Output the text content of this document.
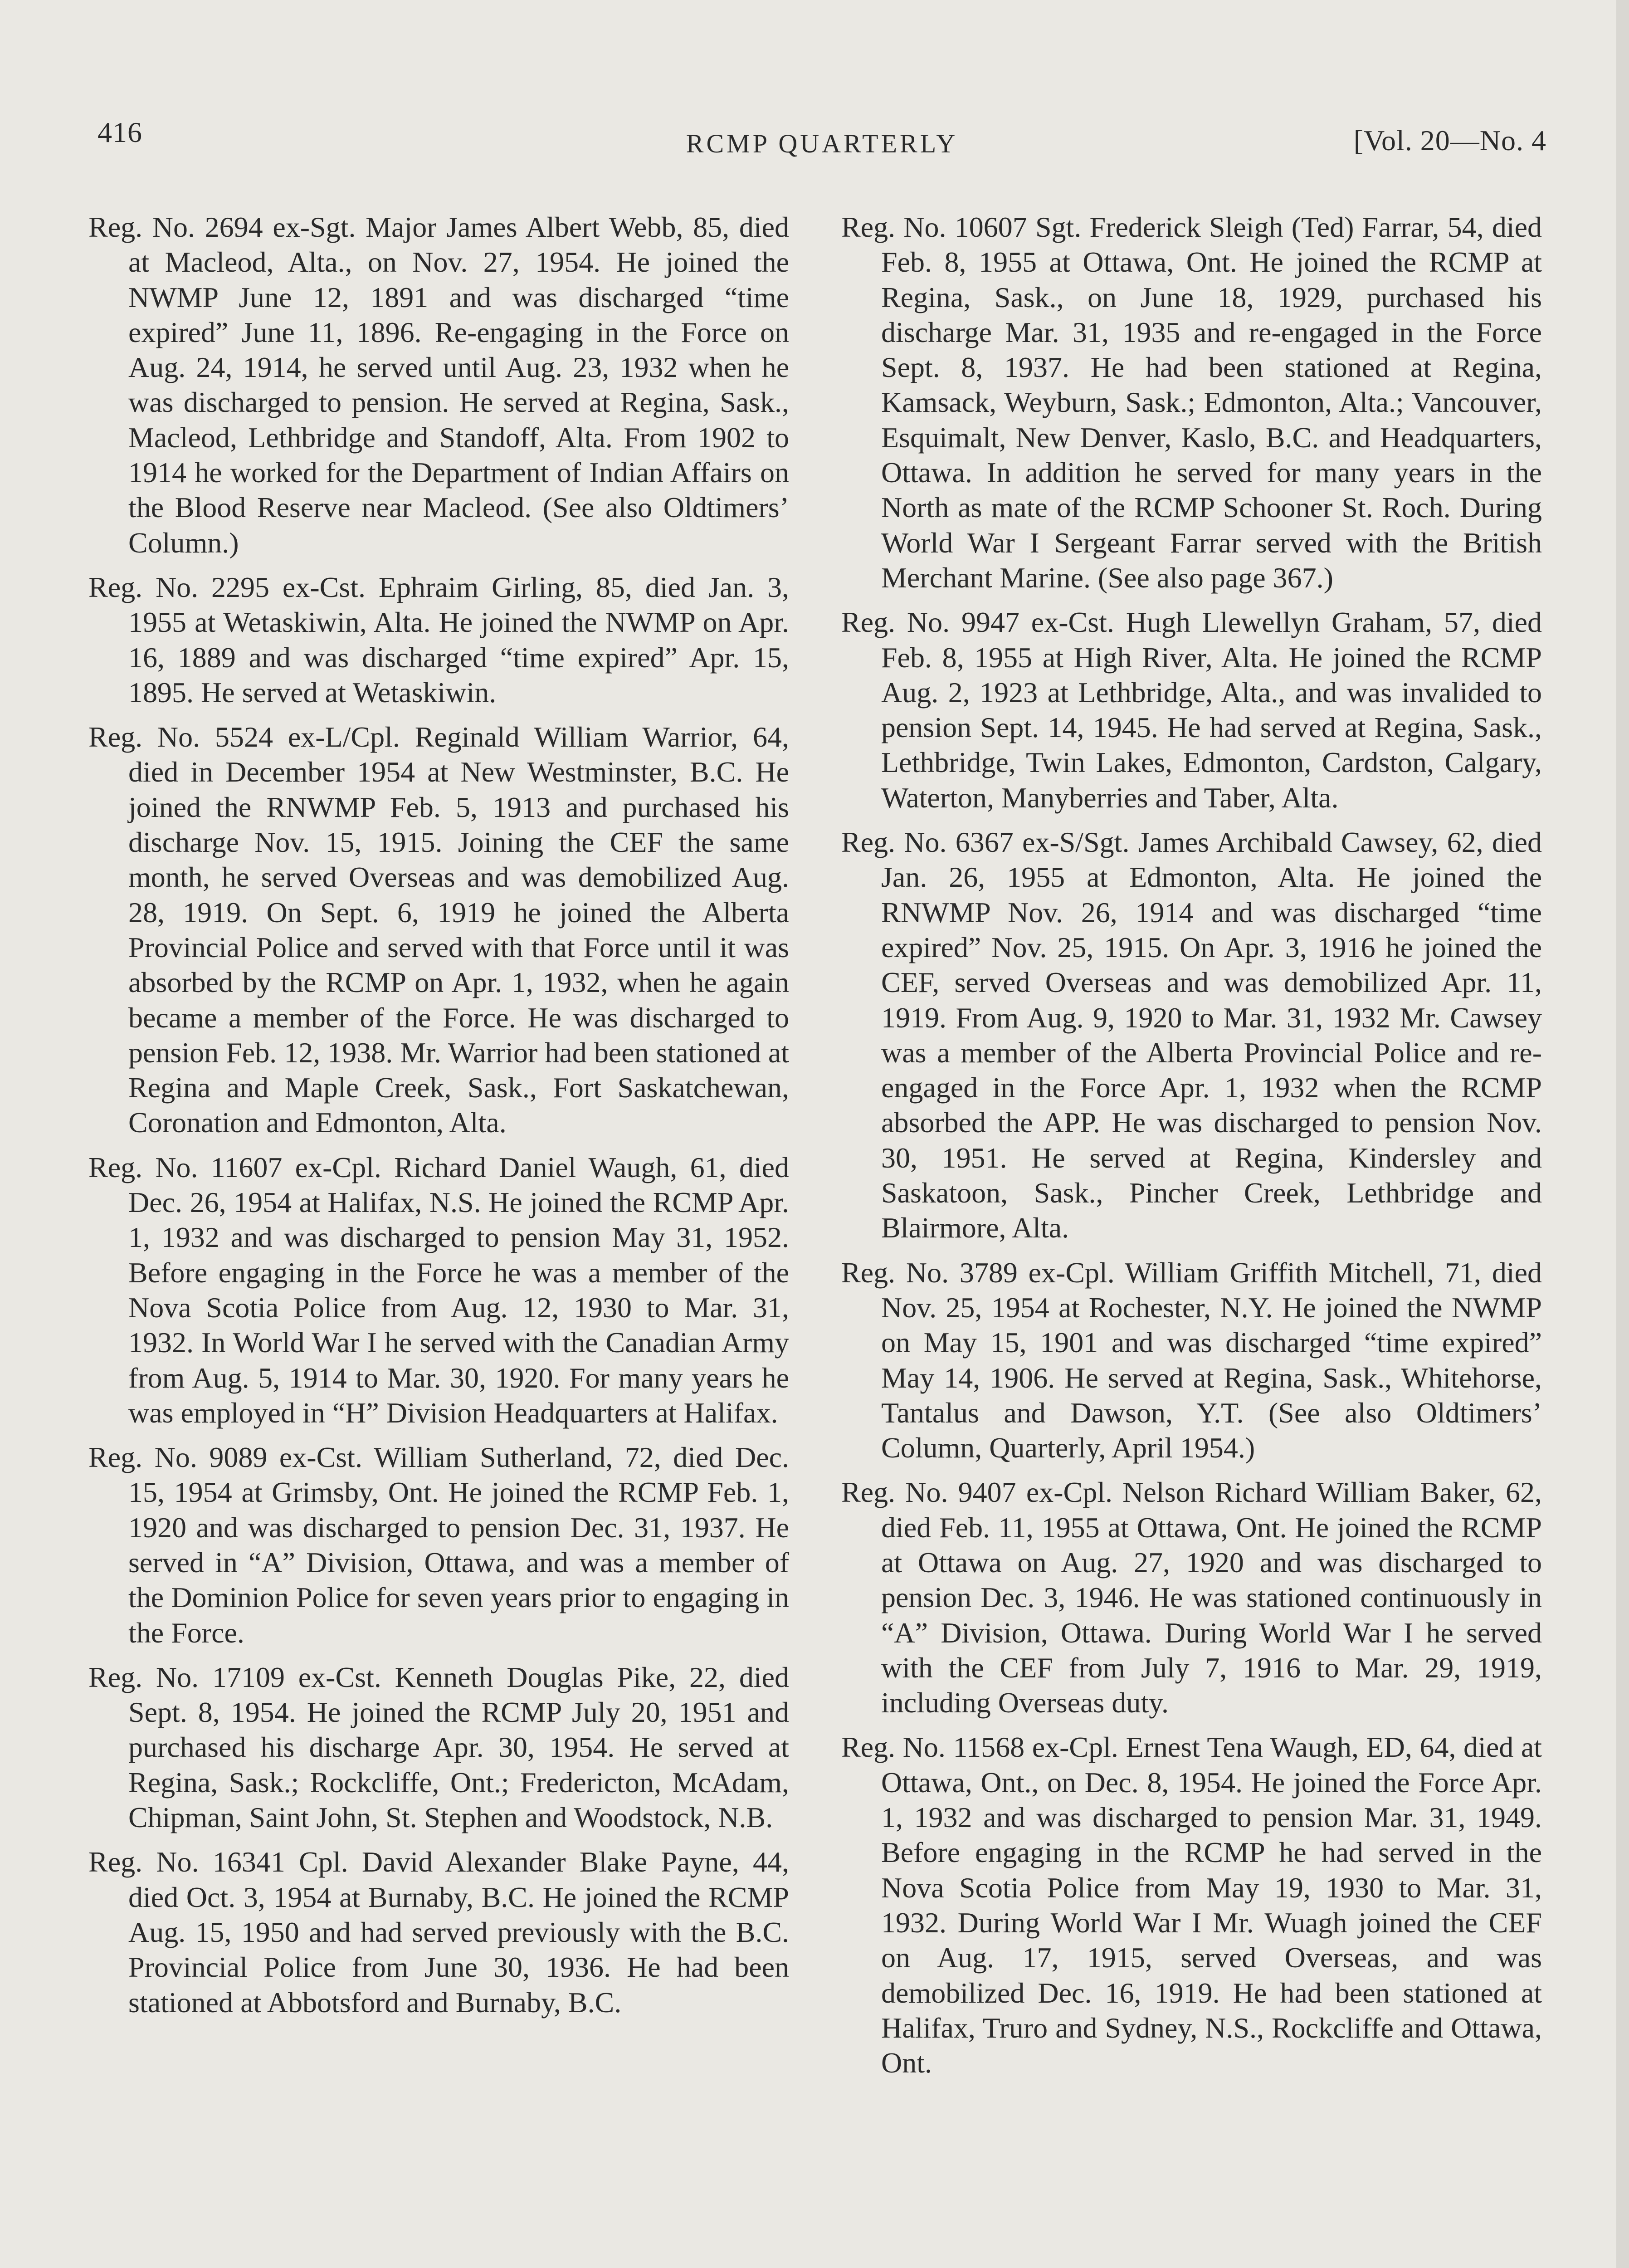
416	RCMP QUARTERLY	[Vol. 20—No. 4

Reg. No. 2694 ex-Sgt. Major James Albert Webb, 85, died at Macleod, Alta., on Nov. 27, 1954. He joined the NWMP June 12, 1891 and was discharged “time expired” June 11, 1896. Re-engaging in the Force on Aug. 24, 1914, he served until Aug. 23, 1932 when he was discharged to pension. He served at Regina, Sask., Macleod, Lethbridge and Standoff, Alta. From 1902 to 1914 he worked for the Department of Indian Affairs on the Blood Reserve near Macleod. (See also Oldtimers’ Column.)

Reg. No. 2295 ex-Cst. Ephraim Girling, 85, died Jan. 3, 1955 at Wetaskiwin, Alta. He joined the NWMP on Apr. 16, 1889 and was discharged “time expired” Apr. 15, 1895. He served at Wetaskiwin.

Reg. No. 5524 ex-L/Cpl. Reginald William Warrior, 64, died in December 1954 at New Westminster, B.C. He joined the RNWMP Feb. 5, 1913 and purchased his discharge Nov. 15, 1915. Joining the CEF the same month, he served Overseas and was demobilized Aug. 28, 1919. On Sept. 6, 1919 he joined the Alberta Provincial Police and served with that Force until it was absorbed by the RCMP on Apr. 1, 1932, when he again became a member of the Force. He was discharged to pension Feb. 12, 1938. Mr. Warrior had been stationed at Regina and Maple Creek, Sask., Fort Saskatchewan, Coronation and Edmonton, Alta.

Reg. No. 11607 ex-Cpl. Richard Daniel Waugh, 61, died Dec. 26, 1954 at Halifax, N.S. He joined the RCMP Apr. 1, 1932 and was discharged to pension May 31, 1952. Before engaging in the Force he was a member of the Nova Scotia Police from Aug. 12, 1930 to Mar. 31, 1932. In World War I he served with the Canadian Army from Aug. 5, 1914 to Mar. 30, 1920. For many years he was employed in “H” Division Headquarters at Halifax.

Reg. No. 9089 ex-Cst. William Sutherland, 72, died Dec. 15, 1954 at Grimsby, Ont. He joined the RCMP Feb. 1, 1920 and was discharged to pension Dec. 31, 1937. He served in “A” Division, Ottawa, and was a member of the Dominion Police for seven years prior to engaging in the Force.

Reg. No. 17109 ex-Cst. Kenneth Douglas Pike, 22, died Sept. 8, 1954. He joined the RCMP July 20, 1951 and purchased his discharge Apr. 30, 1954. He served at Regina, Sask.; Rockcliffe, Ont.; Fredericton, McAdam, Chipman, Saint John, St. Stephen and Woodstock, N.B.

Reg. No. 16341 Cpl. David Alexander Blake Payne, 44, died Oct. 3, 1954 at Burnaby, B.C. He joined the RCMP Aug. 15, 1950 and had served previously with the B.C. Provincial Police from June 30, 1936. He had been stationed at Abbotsford and Burnaby, B.C.

Reg. No. 10607 Sgt. Frederick Sleigh (Ted) Farrar, 54, died Feb. 8, 1955 at Ottawa, Ont. He joined the RCMP at Regina, Sask., on June 18, 1929, purchased his discharge Mar. 31, 1935 and re-engaged in the Force Sept. 8, 1937. He had been stationed at Regina, Kamsack, Weyburn, Sask.; Edmonton, Alta.; Vancouver, Esquimalt, New Denver, Kaslo, B.C. and Headquarters, Ottawa. In addition he served for many years in the North as mate of the RCMP Schooner St. Roch. During World War I Sergeant Farrar served with the British Merchant Marine. (See also page 367.)

Reg. No. 9947 ex-Cst. Hugh Llewellyn Graham, 57, died Feb. 8, 1955 at High River, Alta. He joined the RCMP Aug. 2, 1923 at Lethbridge, Alta., and was invalided to pension Sept. 14, 1945. He had served at Regina, Sask., Lethbridge, Twin Lakes, Edmonton, Cardston, Calgary, Waterton, Manyberries and Taber, Alta.

Reg. No. 6367 ex-S/Sgt. James Archibald Cawsey, 62, died Jan. 26, 1955 at Edmonton, Alta. He joined the RNWMP Nov. 26, 1914 and was discharged “time expired” Nov. 25, 1915. On Apr. 3, 1916 he joined the CEF, served Overseas and was demobilized Apr. 11, 1919. From Aug. 9, 1920 to Mar. 31, 1932 Mr. Cawsey was a member of the Alberta Provincial Police and re-engaged in the Force Apr. 1, 1932 when the RCMP absorbed the APP. He was discharged to pension Nov. 30, 1951. He served at Regina, Kindersley and Saskatoon, Sask., Pincher Creek, Lethbridge and Blairmore, Alta.

Reg. No. 3789 ex-Cpl. William Griffith Mitchell, 71, died Nov. 25, 1954 at Rochester, N.Y. He joined the NWMP on May 15, 1901 and was discharged “time expired” May 14, 1906. He served at Regina, Sask., Whitehorse, Tantalus and Dawson, Y.T. (See also Oldtimers’ Column, Quarterly, April 1954.)

Reg. No. 9407 ex-Cpl. Nelson Richard William Baker, 62, died Feb. 11, 1955 at Ottawa, Ont. He joined the RCMP at Ottawa on Aug. 27, 1920 and was discharged to pension Dec. 3, 1946. He was stationed continuously in “A” Division, Ottawa. During World War I he served with the CEF from July 7, 1916 to Mar. 29, 1919, including Overseas duty.

Reg. No. 11568 ex-Cpl. Ernest Tena Waugh, ED, 64, died at Ottawa, Ont., on Dec. 8, 1954. He joined the Force Apr. 1, 1932 and was discharged to pension Mar. 31, 1949. Before engaging in the RCMP he had served in the Nova Scotia Police from May 19, 1930 to Mar. 31, 1932. During World War I Mr. Wuagh joined the CEF on Aug. 17, 1915, served Overseas, and was demobilized Dec. 16, 1919. He had been stationed at Halifax, Truro and Sydney, N.S., Rockcliffe and Ottawa, Ont.
